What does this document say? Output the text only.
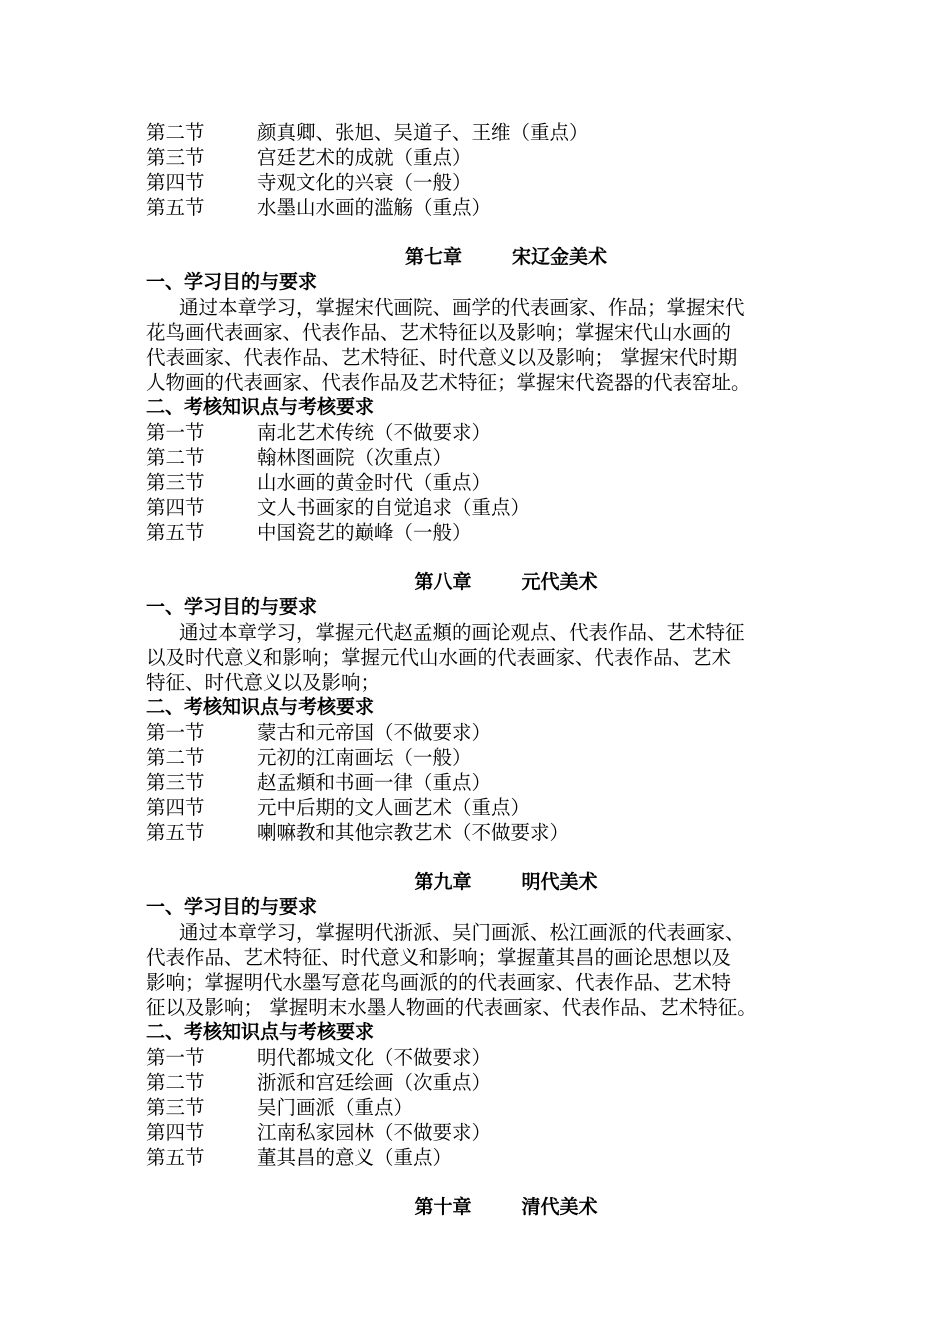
第二节	颜真卿、张旭、吴道子、王维（重点）
第三节	宫廷艺术的成就（重点）
第四节	寺观文化的兴衰（一般）
第五节	水墨山水画的滥觞（重点）
第七章	宋辽金美术
一、学习目的与要求
通过本章学习，掌握宋代画院、画学的代表画家、作品；掌握宋代
花鸟画代表画家、代表作品、艺术特征以及影响；掌握宋代山水画的
代表画家、代表作品、艺术特征、时代意义以及影响； 掌握宋代时期
人物画的代表画家、代表作品及艺术特征；掌握宋代瓷器的代表窑址。
二、考核知识点与考核要求
第一节	南北艺术传统（不做要求）
第二节	翰林图画院（次重点）
第三节	山水画的黄金时代（重点）
第四节	文人书画家的自觉追求（重点）
第五节	中国瓷艺的巅峰（一般）
第八章	元代美术
一、学习目的与要求
通过本章学习，掌握元代赵孟頫的画论观点、代表作品、艺术特征
以及时代意义和影响；掌握元代山水画的代表画家、代表作品、艺术
特征、时代意义以及影响；
二、考核知识点与考核要求
第一节	蒙古和元帝国（不做要求）
第二节	元初的江南画坛（一般）
第三节	赵孟頫和书画一律（重点）
第四节	元中后期的文人画艺术（重点）
第五节	喇嘛教和其他宗教艺术（不做要求）
第九章	明代美术
一、学习目的与要求
通过本章学习，掌握明代浙派、吴门画派、松江画派的代表画家、
代表作品、艺术特征、时代意义和影响；掌握董其昌的画论思想以及
影响；掌握明代水墨写意花鸟画派的的代表画家、代表作品、艺术特
征以及影响； 掌握明末水墨人物画的代表画家、代表作品、艺术特征。
二、考核知识点与考核要求
第一节	明代都城文化（不做要求）
第二节	浙派和宫廷绘画（次重点）
第三节	吴门画派（重点）
第四节	江南私家园林（不做要求）
第五节	董其昌的意义（重点）
第十章	清代美术
